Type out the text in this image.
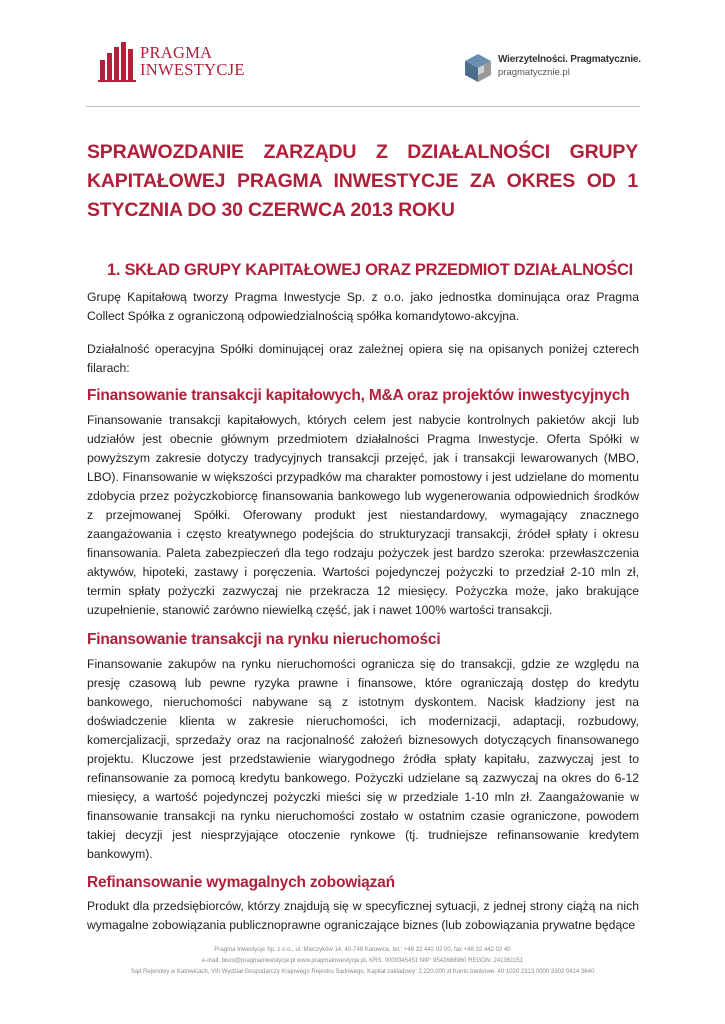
PRAGMA
INWESTYCJE
Wierzytelności. Pragmatycznie.
pragmatycznie.pl
SPRAWOZDANIE ZARZĄDU Z DZIAŁALNOŚCI GRUPY KAPITAŁOWEJ PRAGMA INWESTYCJE ZA OKRES OD 1 STYCZNIA DO 30 CZERWCA 2013 ROKU
1. SKŁAD GRUPY KAPITAŁOWEJ ORAZ PRZEDMIOT DZIAŁALNOŚCI
Grupę Kapitałową tworzy Pragma Inwestycje Sp. z o.o. jako jednostka dominująca oraz Pragma Collect Spółka z ograniczoną odpowiedzialnością spółka komandytowo-akcyjna.
Działalność operacyjna Spółki dominującej oraz zależnej opiera się na opisanych poniżej czterech filarach:
Finansowanie transakcji kapitałowych, M&A oraz projektów inwestycyjnych
Finansowanie transakcji kapitałowych, których celem jest nabycie kontrolnych pakietów akcji lub udziałów jest obecnie głównym przedmiotem działalności Pragma Inwestycje. Oferta Spółki w powyższym zakresie dotyczy tradycyjnych transakcji przejęć, jak i transakcji lewarowanych (MBO, LBO). Finansowanie w większości przypadków ma charakter pomostowy i jest udzielane do momentu zdobycia przez pożyczkobiorcę finansowania bankowego lub wygenerowania odpowiednich środków z przejmowanej Spółki. Oferowany produkt jest niestandardowy, wymagający znacznego zaangażowania i często kreatywnego podejścia do strukturyzacji transakcji, źródeł spłaty i okresu finansowania. Paleta zabezpieczeń dla tego rodzaju pożyczek jest bardzo szeroka: przewłaszczenia aktywów, hipoteki, zastawy i poręczenia. Wartości pojedynczej pożyczki to przedział 2-10 mln zł, termin spłaty pożyczki zazwyczaj nie przekracza 12 miesięcy. Pożyczka może, jako brakujące uzupełnienie, stanowić zarówno niewielką część, jak i nawet 100% wartości transakcji.
Finansowanie transakcji na rynku nieruchomości
Finansowanie zakupów na rynku nieruchomości ogranicza się do transakcji, gdzie ze względu na presję czasową lub pewne ryzyka prawne i finansowe, które ograniczają dostęp do kredytu bankowego, nieruchomości nabywane są z istotnym dyskontem. Nacisk kładziony jest na doświadczenie klienta w zakresie nieruchomości, ich modernizacji, adaptacji, rozbudowy, komercjalizacji, sprzedaży oraz na racjonalność założeń biznesowych dotyczących finansowanego projektu. Kluczowe jest przedstawienie wiarygodnego źródła spłaty kapitału, zazwyczaj jest to refinansowanie za pomocą kredytu bankowego. Pożyczki udzielane są zazwyczaj na okres do 6-12 miesięcy, a wartość pojedynczej pożyczki mieści się w przedziale 1-10 mln zł. Zaangażowanie w finansowanie transakcji na rynku nieruchomości zostało w ostatnim czasie ograniczone, powodem takiej decyzji jest niesprzyjające otoczenie rynkowe (tj. trudniejsze refinansowanie kredytem bankowym).
Refinansowanie wymagalnych zobowiązań
Produkt dla przedsiębiorców, którzy znajdują się w specyficznej sytuacji, z jednej strony ciążą na nich wymagalne zobowiązania publicznoprawne ograniczające biznes (lub zobowiązania prywatne będące
Pragma Inwestycje Sp. z o.o., ul. Mieczyków 14, 40-748 Katowice, tel.: +48 32 442 02 00, fax +48 32 442 02 40
e-mail: biuro@pragmainwestycje.pl www.pragmainwestycje.pl, KRS: 0000345451 NIP: 9542688960 REGON: 241361151
Sąd Rejonowy w Katowicach, VIII Wydział Gospodarczy Krajowego Rejestru Sądowego, Kapitał zakładowy: 2.220.000 zł Konto bankowe: 40 1020 2313 0000 3302 0414 3640
